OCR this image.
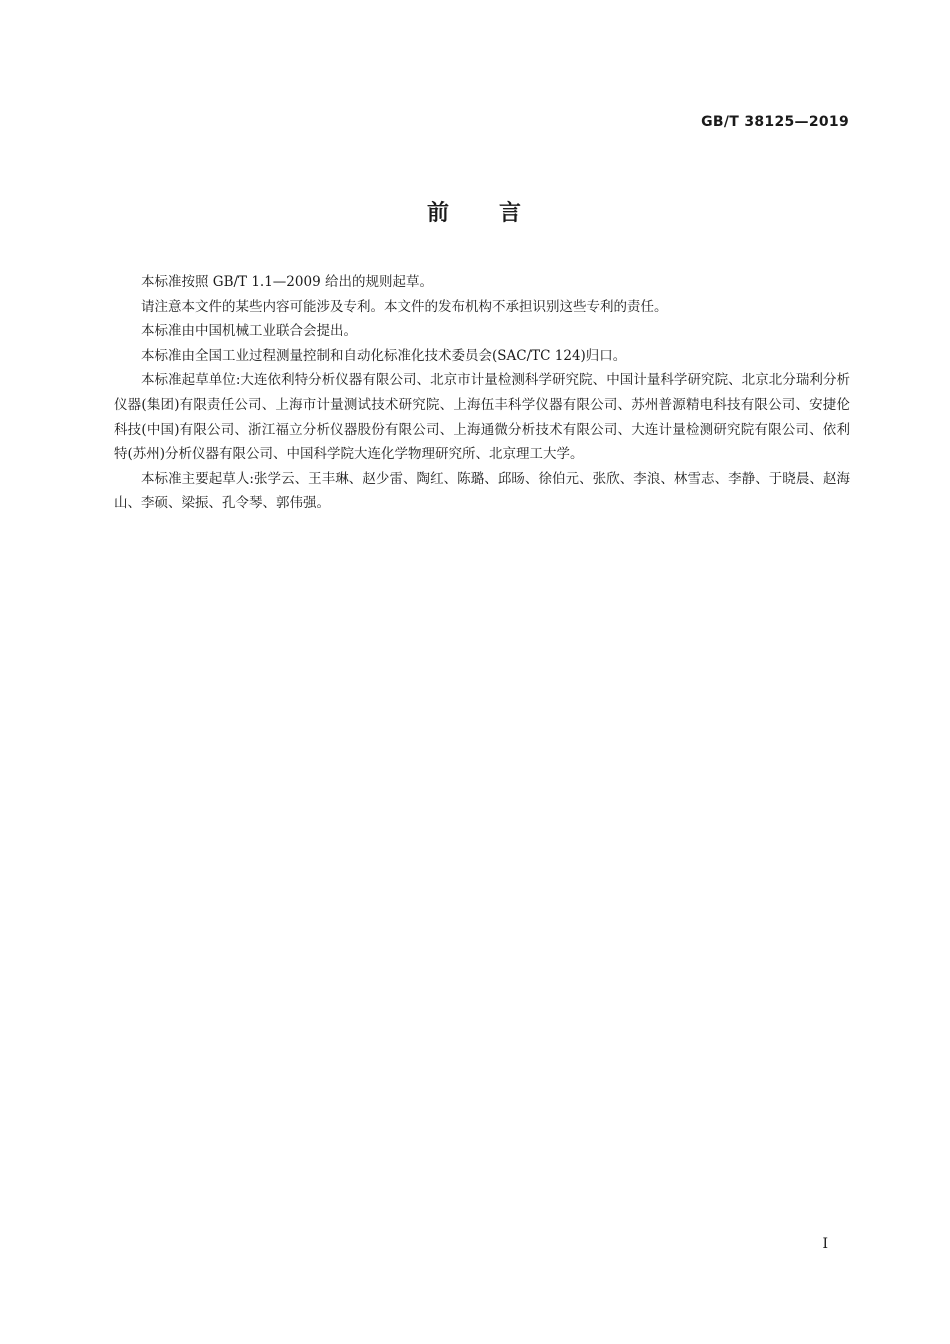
GB/T 38125—2019
前 言

本标准按照 GB/T 1.1—2009 给出的规则起草。

请注意本文件的某些内容可能涉及专利。本文件的发布机构不承担识别这些专利的责任。

本标准由中国机械工业联合会提出。

本标准由全国工业过程测量控制和自动化标准化技术委员会(SAC/TC 124)归口。

本标准起草单位:大连依利特分析仪器有限公司、北京市计量检测科学研究院、中国计量科学研究院、北京北分瑞利分析仪器(集团)有限责任公司、上海市计量测试技术研究院、上海伍丰科学仪器有限公司、苏州普源精电科技有限公司、安捷伦科技(中国)有限公司、浙江福立分析仪器股份有限公司、上海通微分析技术有限公司、大连计量检测研究院有限公司、依利特(苏州)分析仪器有限公司、中国科学院大连化学物理研究所、北京理工大学。

本标准主要起草人:张学云、王丰琳、赵少雷、陶红、陈璐、邱旸、徐伯元、张欣、李浪、林雪志、李静、于晓晨、赵海山、李硕、梁振、孔令琴、郭伟强。

I
